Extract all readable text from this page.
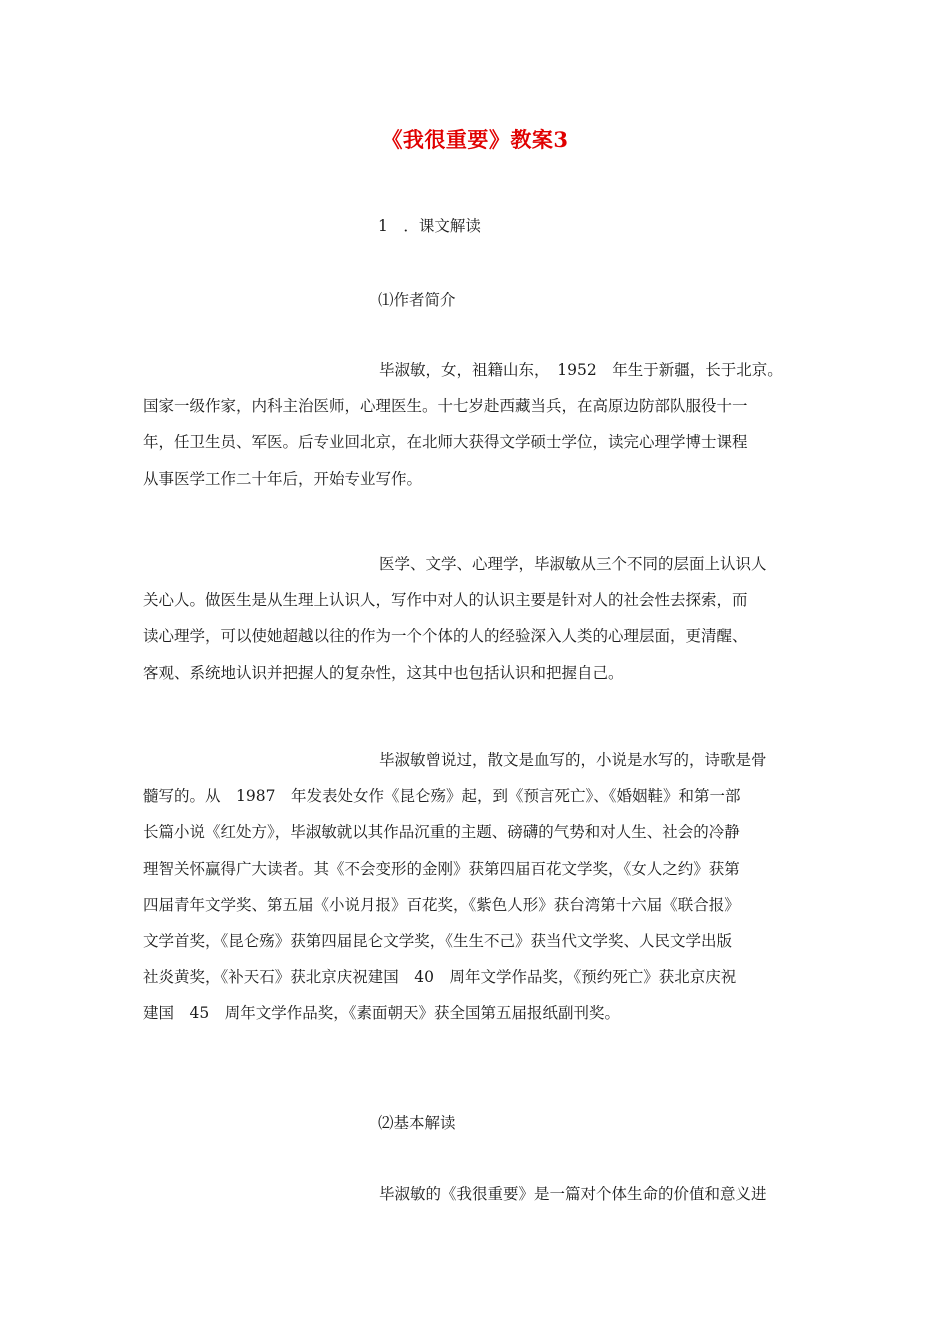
《我很重要》教案3
1　．课文解读
⑴作者简介
毕淑敏，女，祖籍山东，　1952　年生于新疆，长于北京。
国家一级作家，内科主治医师，心理医生。十七岁赴西藏当兵，在高原边防部队服役十一
年，任卫生员、军医。后专业回北京，在北师大获得文学硕士学位，读完心理学博士课程
从事医学工作二十年后，开始专业写作。
医学、文学、心理学，毕淑敏从三个不同的层面上认识人
关心人。做医生是从生理上认识人，写作中对人的认识主要是针对人的社会性去探索，而
读心理学，可以使她超越以往的作为一个个体的人的经验深入人类的心理层面，更清醒、
客观、系统地认识并把握人的复杂性，这其中也包括认识和把握自己。
毕淑敏曾说过，散文是血写的，小说是水写的，诗歌是骨
髓写的。从　1987　年发表处女作《昆仑殇》起，到《预言死亡》、《婚姻鞋》和第一部
长篇小说《红处方》，毕淑敏就以其作品沉重的主题、磅礴的气势和对人生、社会的冷静
理智关怀赢得广大读者。其《不会变形的金刚》获第四届百花文学奖，《女人之约》获第
四届青年文学奖、第五届《小说月报》百花奖，《紫色人形》获台湾第十六届《联合报》
文学首奖，《昆仑殇》获第四届昆仑文学奖，《生生不己》获当代文学奖、人民文学出版
社炎黄奖，《补天石》获北京庆祝建国　40　周年文学作品奖，《预约死亡》获北京庆祝
建国　45　周年文学作品奖，《素面朝天》获全国第五届报纸副刊奖。
⑵基本解读
毕淑敏的《我很重要》是一篇对个体生命的价值和意义进
